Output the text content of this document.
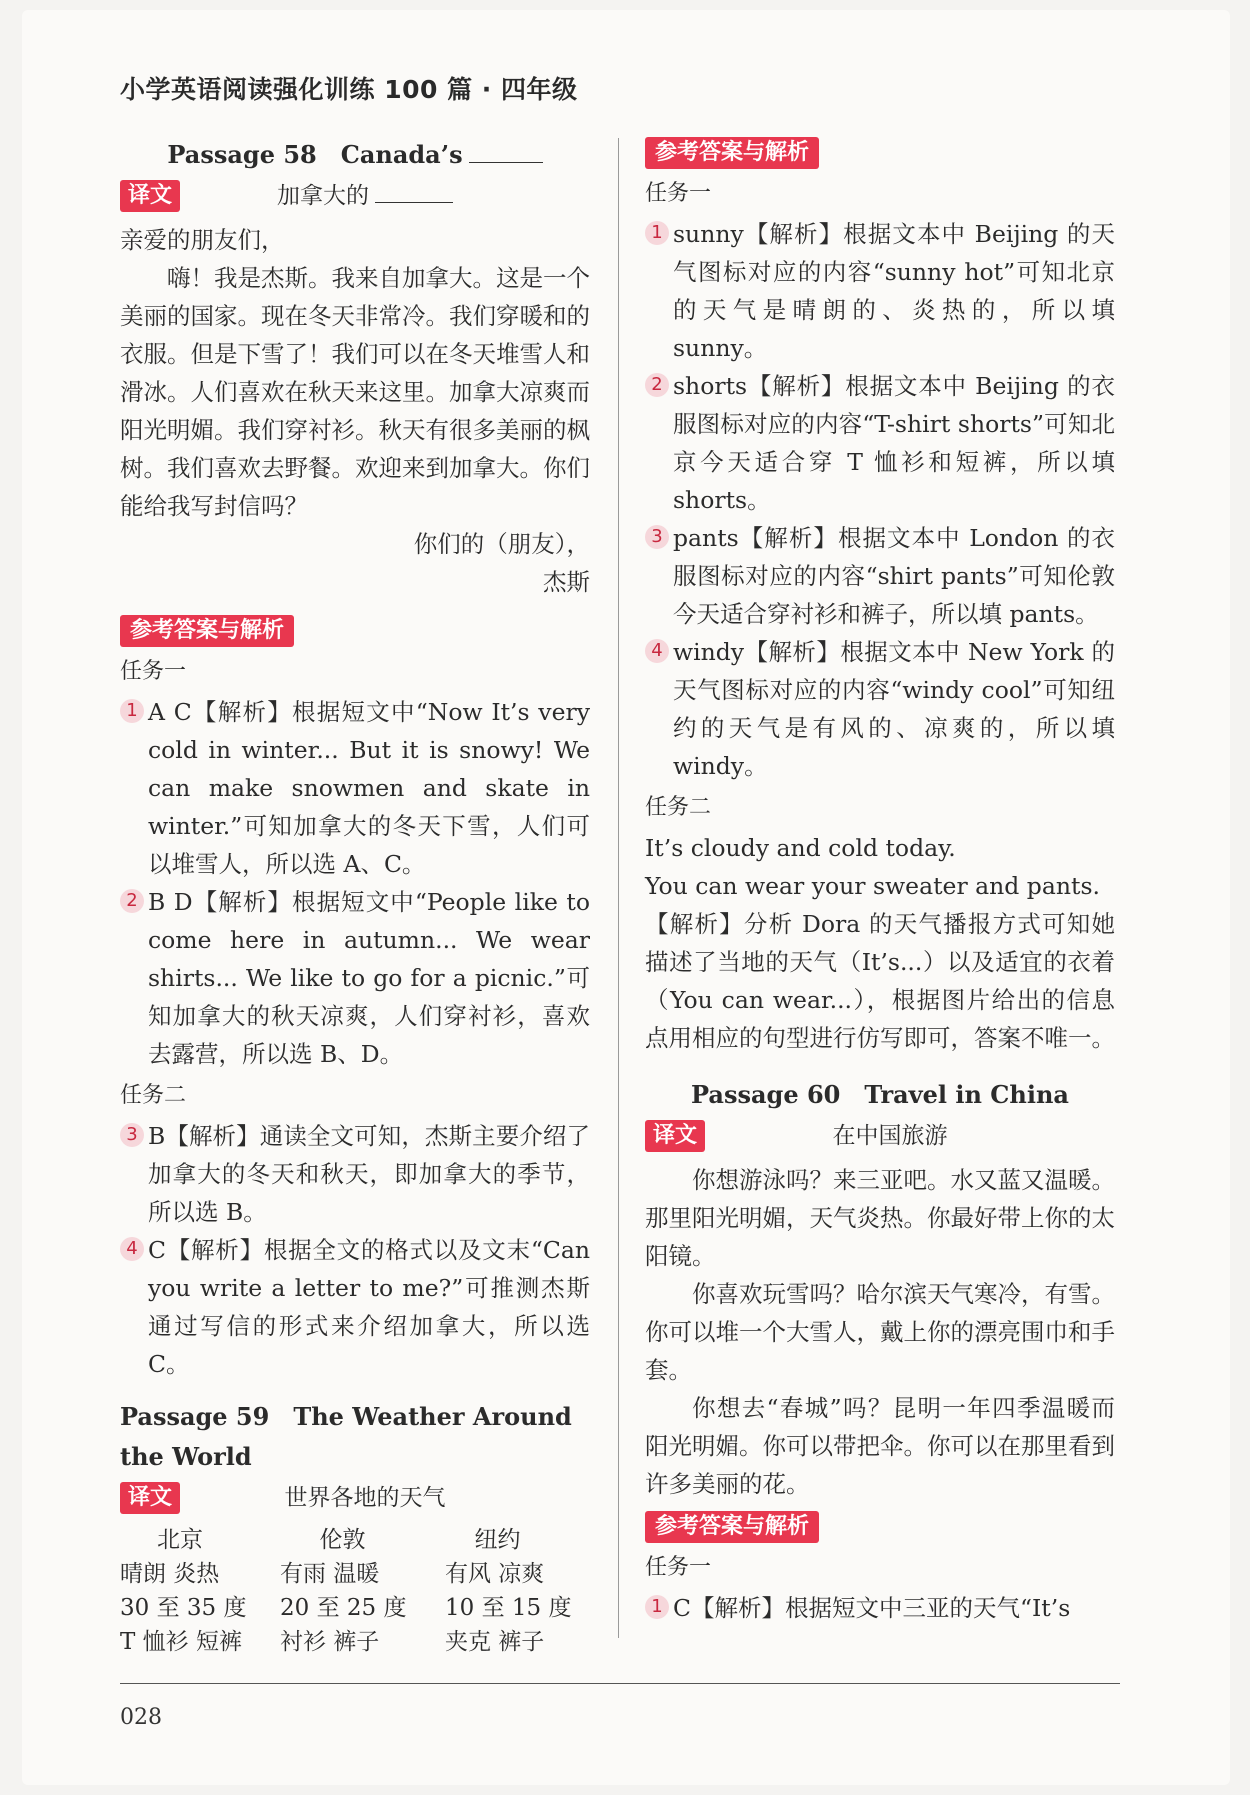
小学英语阅读强化训练 100 篇 · 四年级
Passage 58　Canada’s
译文	加拿大的

亲爱的朋友们，

嗨！我是杰斯。我来自加拿大。这是一个美丽的国家。现在冬天非常冷。我们穿暖和的衣服。但是下雪了！我们可以在冬天堆雪人和滑冰。人们喜欢在秋天来这里。加拿大凉爽而阳光明媚。我们穿衬衫。秋天有很多美丽的枫树。我们喜欢去野餐。欢迎来到加拿大。你们能给我写封信吗？

你们的（朋友），

杰斯

参考答案与解析
任务一
1 A C【解析】根据短文中“Now It’s very cold in winter... But it is snowy! We can make snowmen and skate in winter.”可知加拿大的冬天下雪，人们可以堆雪人，所以选 A、C。
2 B D【解析】根据短文中“People like to come here in autumn... We wear shirts... We like to go for a picnic.”可知加拿大的秋天凉爽，人们穿衬衫，喜欢去露营，所以选 B、D。
任务二
3 B【解析】通读全文可知，杰斯主要介绍了加拿大的冬天和秋天，即加拿大的季节，所以选 B。
4 C【解析】根据全文的格式以及文末“Can you write a letter to me?”可推测杰斯通过写信的形式来介绍加拿大，所以选 C。
Passage 59　The Weather Around the World
译文	世界各地的天气
北京	伦敦	纽约
晴朗 炎热	有雨 温暖	有风 凉爽
30 至 35 度	20 至 25 度	10 至 15 度
T 恤衫 短裤	衬衫 裤子	夹克 裤子
参考答案与解析
任务一
1 sunny【解析】根据文本中 Beijing 的天气图标对应的内容“sunny hot”可知北京的天气是晴朗的、炎热的，所以填 sunny。
2 shorts【解析】根据文本中 Beijing 的衣服图标对应的内容“T-shirt shorts”可知北京今天适合穿 T 恤衫和短裤，所以填 shorts。
3 pants【解析】根据文本中 London 的衣服图标对应的内容“shirt pants”可知伦敦今天适合穿衬衫和裤子，所以填 pants。
4 windy【解析】根据文本中 New York 的天气图标对应的内容“windy cool”可知纽约的天气是有风的、凉爽的，所以填 windy。
任务二

It’s cloudy and cold today.

You can wear your sweater and pants.

【解析】分析 Dora 的天气播报方式可知她描述了当地的天气（It’s...）以及适宜的衣着（You can wear...），根据图片给出的信息点用相应的句型进行仿写即可，答案不唯一。

Passage 60　Travel in China
译文	在中国旅游

你想游泳吗？来三亚吧。水又蓝又温暖。那里阳光明媚，天气炎热。你最好带上你的太阳镜。

你喜欢玩雪吗？哈尔滨天气寒冷，有雪。你可以堆一个大雪人，戴上你的漂亮围巾和手套。

你想去“春城”吗？昆明一年四季温暖而阳光明媚。你可以带把伞。你可以在那里看到许多美丽的花。

参考答案与解析
任务一
1 C【解析】根据短文中三亚的天气“It’s
028
